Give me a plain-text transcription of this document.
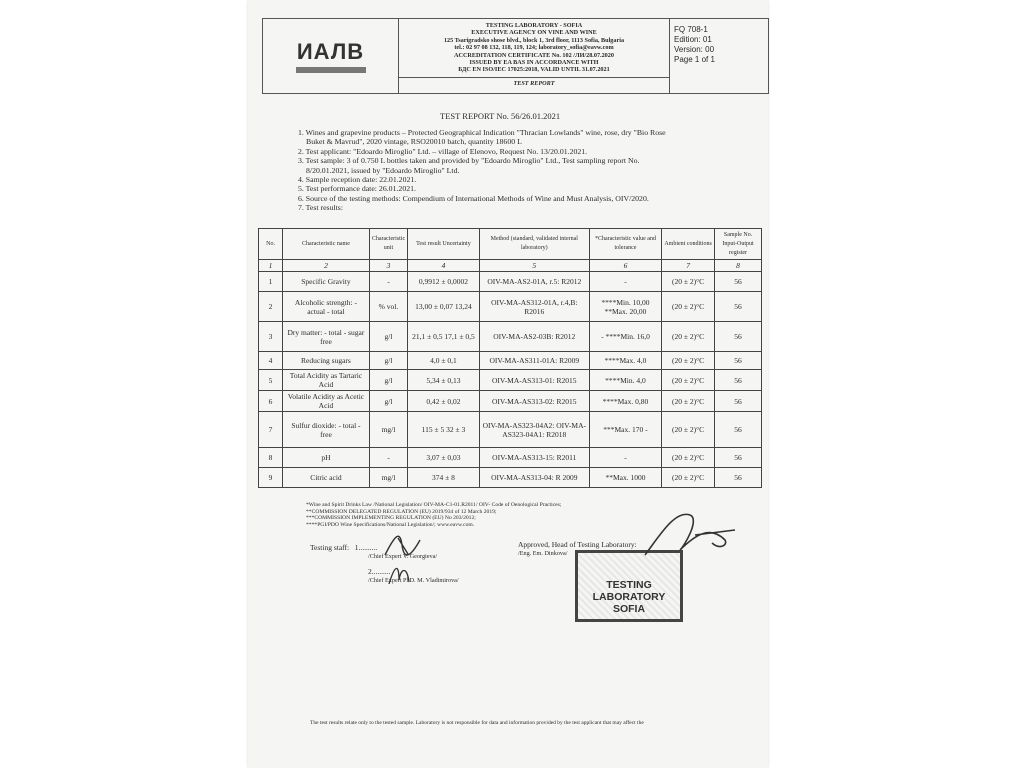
ИАЛВ
TESTING LABORATORY - SOFIA
EXECUTIVE AGENCY ON VINE AND WINE
125 Tsarigradsko shose blvd., block 1, 3rd floor, 1113 Sofia, Bulgaria
tel.: 02 97 08 132, 118, 119, 124; laboratory_sofia@eavw.com
ACCREDITATION CERTIFICATE No. 102 /ЛИ/28.07.2020
ISSUED BY EA BAS IN ACCORDANCE WITH
БДС EN ISO/IEC 17025:2018, VALID UNTIL 31.07.2021
TEST REPORT
FQ 708-1
Edition: 01
Version: 00
Page 1 of 1
TEST REPORT No. 56/26.01.2021
1. Wines and grapevine products – Protected Geographical Indication "Thracian Lowlands" wine, rose, dry "Bio Rose
Buket & Mavrud", 2020 vintage, RSO20010 batch, quantity 18600 L
2. Test applicant: "Edoardo Miroglio" Ltd. – village of Elenovo, Request No. 13/20.01.2021.
3. Test sample: 3 of 0.750 L bottles taken and provided by "Edoardo Miroglio" Ltd., Test sampling report No.
8/20.01.2021, issued by "Edoardo Miroglio" Ltd.
4. Sample reception date: 22.01.2021.
5. Test performance date: 26.01.2021.
6. Source of the testing methods: Compendium of International Methods of Wine and Must Analysis, OIV/2020.
7. Test results:
No.	Characteristic name	Characteristic unit	Test result Uncertainty	Method (standard, validated internal laboratory)	*Characteristic value and tolerance	Ambient conditions	Sample No. Input-Output register
1	2	3	4	5	6	7	8
1	Specific Gravity	-	0,9912 ± 0,0002	OIV-MA-AS2-01A, r.5: R2012	-	(20 ± 2)°C	56
2	Alcoholic strength: - actual - total	% vol.	13,00 ± 0,07 13,24	OIV-MA-AS312-01A, r.4,B: R2016	****Min. 10,00 **Max. 20,00	(20 ± 2)°C	56
3	Dry matter: - total - sugar free	g/l	21,1 ± 0,5 17,1 ± 0,5	OIV-MA-AS2-03B: R2012	- ****Min. 16,0	(20 ± 2)°C	56
4	Reducing sugars	g/l	4,0 ± 0,1	OIV-MA-AS311-01A: R2009	****Max. 4,0	(20 ± 2)°C	56
5	Total Acidity as Tartaric Acid	g/l	5,34 ± 0,13	OIV-MA-AS313-01: R2015	****Min. 4,0	(20 ± 2)°C	56
6	Volatile Acidity as Acetic Acid	g/l	0,42 ± 0,02	OIV-MA-AS313-02: R2015	****Max. 0,80	(20 ± 2)°C	56
7	Sulfur dioxide: - total - free	mg/l	115 ± 5 32 ± 3	OIV-MA-AS323-04A2: OIV-MA-AS323-04A1: R2018	***Max. 170 -	(20 ± 2)°C	56
8	pH	-	3,07 ± 0,03	OIV-MA-AS313-15: R2011	-	(20 ± 2)°C	56
9	Citric acid	mg/l	374 ± 8	OIV-MA-AS313-04: R 2009	**Max. 1000	(20 ± 2)°C	56
*Wine and Spirit Drinks Law /National Legislation/ OIV-MA-C1-01.R2011/ OIV- Code of Oenological Practices;
**COMMISSION DELEGATED REGULATION (EU) 2019/934 of 12 March 2019;
***COMMISSION IMPLEMENTING REGULATION (EU) No 203/2012;
****PGI/PDO Wine Specifications/National Legislation/; www.eavw.com.
Testing staff: 1..........
/Chief Expert V. Georgieva/
2..........
/Chief Expert PhD. M. Vladimirova/
Approved, Head of Testing Laboratory:
/Eng. Em. Dinkova/
TESTING
LABORATORY
SOFIA
The test results relate only to the tested sample. Laboratory is not responsible for data and information provided by the test applicant that may affect the
